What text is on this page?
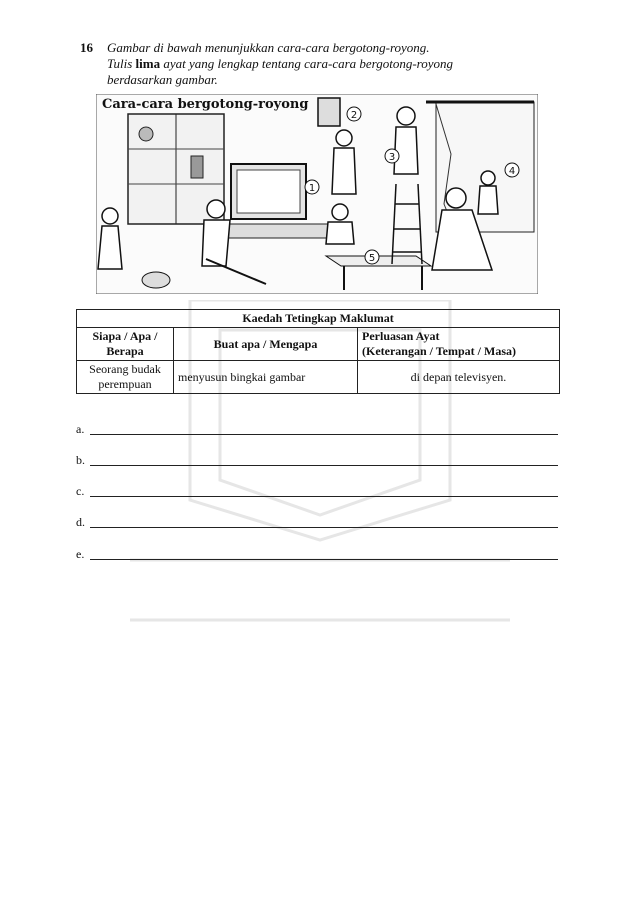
16 Gambar di bawah menunjukkan cara-cara bergotong-royong.
Tulis lima ayat yang lengkap tentang cara-cara bergotong-royong
berdasarkan gambar.
Cara-cara bergotong-royong
1
2
3
4
5
Kaedah Tetingkap Maklumat		
Siapa / Apa / Berapa	Buat apa / Mengapa	Perluasan Ayat
(Keterangan / Tempat / Masa)

Seorang budak perempuan	menyusun bingkai gambar	di depan televisyen.
a.
b.
c.
d.
e.
